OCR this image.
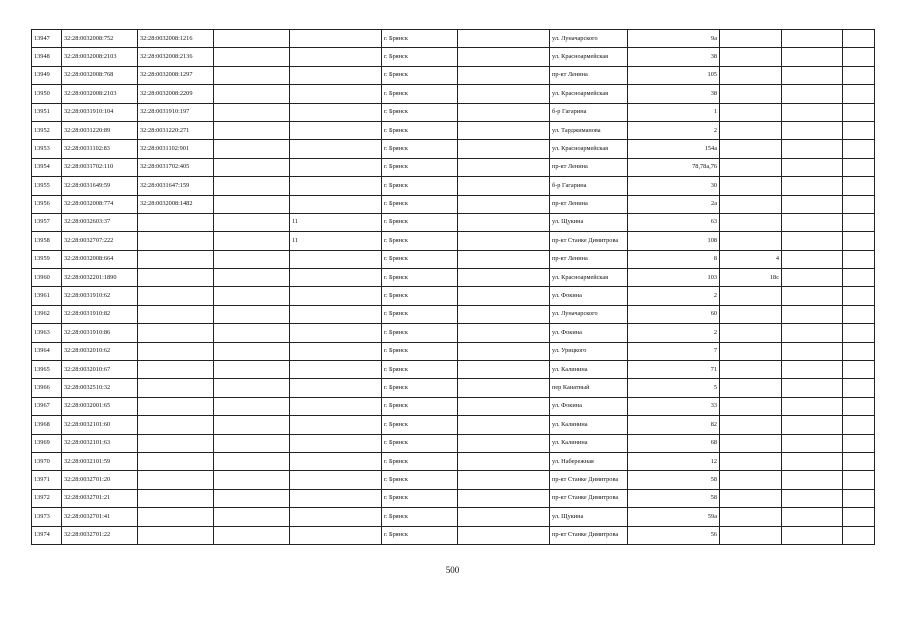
13947	32:28:0032008:752	32:28:0032008:1216			г. Брянск		ул. Луначарского	9а			
13948	32:28:0032008:2103	32:28:0032008:2136			г. Брянск		ул. Красноармейская	38			
13949	32:28:0032008:768	32:28:0032008:1297			г. Брянск		пр-кт Ленина	105			
13950	32:28:0032008:2103	32:28:0032008:2209			г. Брянск		ул. Красноармейская	38			
13951	32:28:0031910:104	32:28:0031910:197			г. Брянск		б-р Гагарина	1			
13952	32:28:0031220:89	32:28:0031220:271			г. Брянск		ул. Тарджиманова	2			
13953	32:28:0031102:83	32:28:0031102:901			г. Брянск		ул. Красноармейская	154а			
13954	32:28:0031702:110	32:28:0031702:405			г. Брянск		пр-кт Ленина	78,78а,76			
13955	32:28:0031649:59	32:28:0031647:159			г. Брянск		б-р Гагарина	30			
13956	32:28:0032008:774	32:28:0032008:1482			г. Брянск		пр-кт Ленина	2а			
13957	32:28:0032603:37			11	г. Брянск		ул. Щукина	63			
13958	32:28:0032707:222			11	г. Брянск		пр-кт Станке Димитрова	108			
13959	32:28:0032008:664				г. Брянск		пр-кт Ленина	8	4		
13960	32:28:0032201:1890				г. Брянск		ул. Красноармейская	103	18с		
13961	32:28:0031910:62				г. Брянск		ул. Фокина	2			
13962	32:28:0031910:82				г. Брянск		ул. Луначарского	60			
13963	32:28:0031910:86				г. Брянск		ул. Фокина	2			
13964	32:28:0032010:62				г. Брянск		ул. Урицкого	7			
13965	32:28:0032010:67				г. Брянск		ул. Калинина	71			
13966	32:28:0032510:32				г. Брянск		пер Канатный	5			
13967	32:28:0032001:65				г. Брянск		ул. Фокина	33			
13968	32:28:0032101:60				г. Брянск		ул. Калинина	82			
13969	32:28:0032101:63				г. Брянск		ул. Калинина	68			
13970	32:28:0032101:59				г. Брянск		ул. Набережная	12			
13971	32:28:0032701:20				г. Брянск		пр-кт Станке Димитрова	58			
13972	32:28:0032701:21				г. Брянск		пр-кт Станке Димитрова	58			
13973	32:28:0032701:41				г. Брянск		ул. Щукина	59а			
13974	32:28:0032701:22				г. Брянск		пр-кт Станке Димитрова	56			
500
